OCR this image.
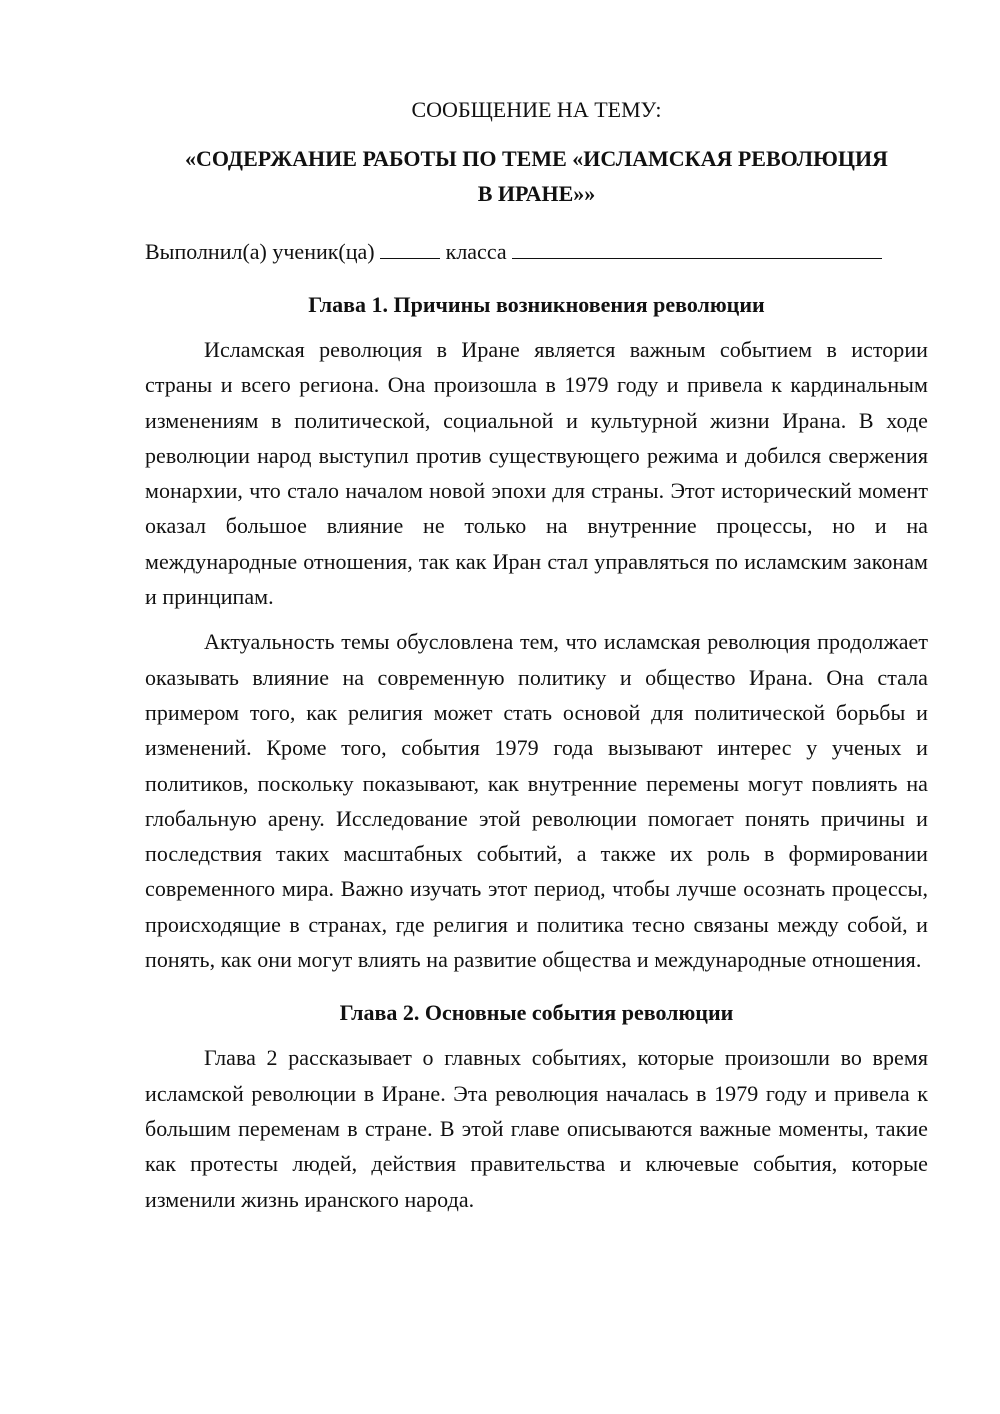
СООБЩЕНИЕ НА ТЕМУ:

«СОДЕРЖАНИЕ РАБОТЫ ПО ТЕМЕ «ИСЛАМСКАЯ РЕВОЛЮЦИЯ
В ИРАНЕ»»

Выполнил(а) ученик(ца)	класса

Глава 1. Причины возникновения революции

Исламская революция в Иране является важным событием в истории страны и всего региона. Она произошла в 1979 году и привела к кардинальным изменениям в политической, социальной и культурной жизни Ирана. В ходе революции народ выступил против существующего режима и добился свержения монархии, что стало началом новой эпохи для страны. Этот исторический момент оказал большое влияние не только на внутренние процессы, но и на международные отношения, так как Иран стал управляться по исламским законам и принципам.

Актуальность темы обусловлена тем, что исламская революция продолжает оказывать влияние на современную политику и общество Ирана. Она стала примером того, как религия может стать основой для политической борьбы и изменений. Кроме того, события 1979 года вызывают интерес у ученых и политиков, поскольку показывают, как внутренние перемены могут повлиять на глобальную арену. Исследование этой революции помогает понять причины и последствия таких масштабных событий, а также их роль в формировании современного мира. Важно изучать этот период, чтобы лучше осознать процессы, происходящие в странах, где религия и политика тесно связаны между собой, и понять, как они могут влиять на развитие общества и международные отношения.

Глава 2. Основные события революции

Глава 2 рассказывает о главных событиях, которые произошли во время исламской революции в Иране. Эта революция началась в 1979 году и привела к большим переменам в стране. В этой главе описываются важные моменты, такие как протесты людей, действия правительства и ключевые события, которые изменили жизнь иранского народа.
